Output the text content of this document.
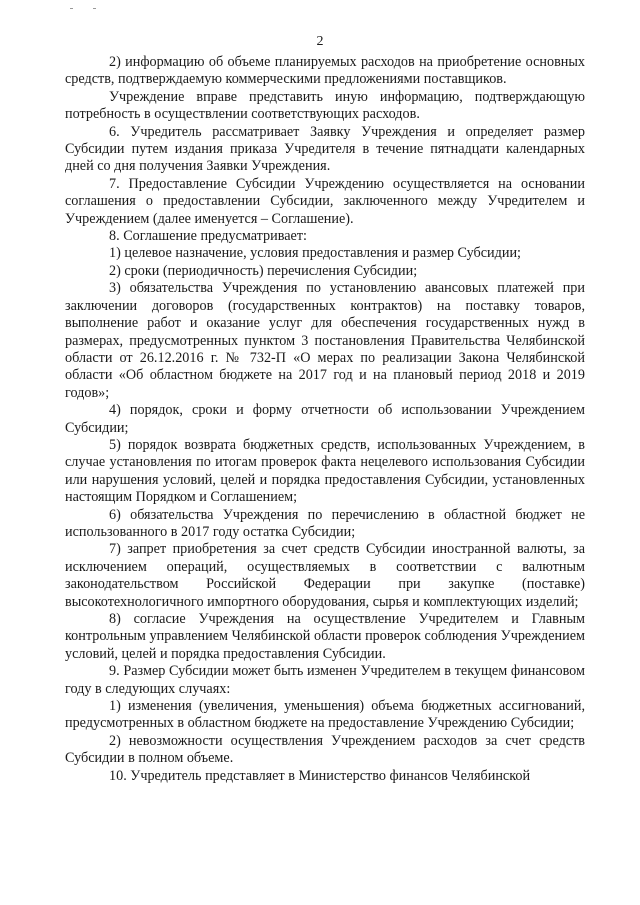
2

2) информацию об объеме планируемых расходов на приобретение основных средств, подтверждаемую коммерческими предложениями поставщиков.

Учреждение вправе представить иную информацию, подтверждающую потребность в осуществлении соответствующих расходов.

6. Учредитель рассматривает Заявку Учреждения и определяет размер Субсидии путем издания приказа Учредителя в течение пятнадцати календарных дней со дня получения Заявки Учреждения.

7. Предоставление Субсидии Учреждению осуществляется на основании соглашения о предоставлении Субсидии, заключенного между Учредителем и Учреждением (далее именуется – Соглашение).

8. Соглашение предусматривает:

1) целевое назначение, условия предоставления и размер Субсидии;

2) сроки (периодичность) перечисления Субсидии;

3) обязательства Учреждения по установлению авансовых платежей при заключении договоров (государственных контрактов) на поставку товаров, выполнение работ и оказание услуг для обеспечения государственных нужд в размерах, предусмотренных пунктом 3 постановления Правительства Челябинской области от 26.12.2016 г. № 732-П «О мерах по реализации Закона Челябинской области «Об областном бюджете на 2017 год и на плановый период 2018 и 2019 годов»;

4) порядок, сроки и форму отчетности об использовании Учреждением Субсидии;

5) порядок возврата бюджетных средств, использованных Учреждением, в случае установления по итогам проверок факта нецелевого использования Субсидии или нарушения условий, целей и порядка предоставления Субсидии, установленных настоящим Порядком и Соглашением;

6) обязательства Учреждения по перечислению в областной бюджет не использованного в 2017 году остатка Субсидии;

7) запрет приобретения за счет средств Субсидии иностранной валюты, за исключением операций, осуществляемых в соответствии с валютным законодательством Российской Федерации при закупке (поставке) высокотехнологичного импортного оборудования, сырья и комплектующих изделий;

8) согласие Учреждения на осуществление Учредителем и Главным контрольным управлением Челябинской области проверок соблюдения Учреждением условий, целей и порядка предоставления Субсидии.

9. Размер Субсидии может быть изменен Учредителем в текущем финансовом году в следующих случаях:

1) изменения (увеличения, уменьшения) объема бюджетных ассигнований, предусмотренных в областном бюджете на предоставление Учреждению Субсидии;

2) невозможности осуществления Учреждением расходов за счет средств Субсидии в полном объеме.

10. Учредитель представляет в Министерство финансов Челябинской
